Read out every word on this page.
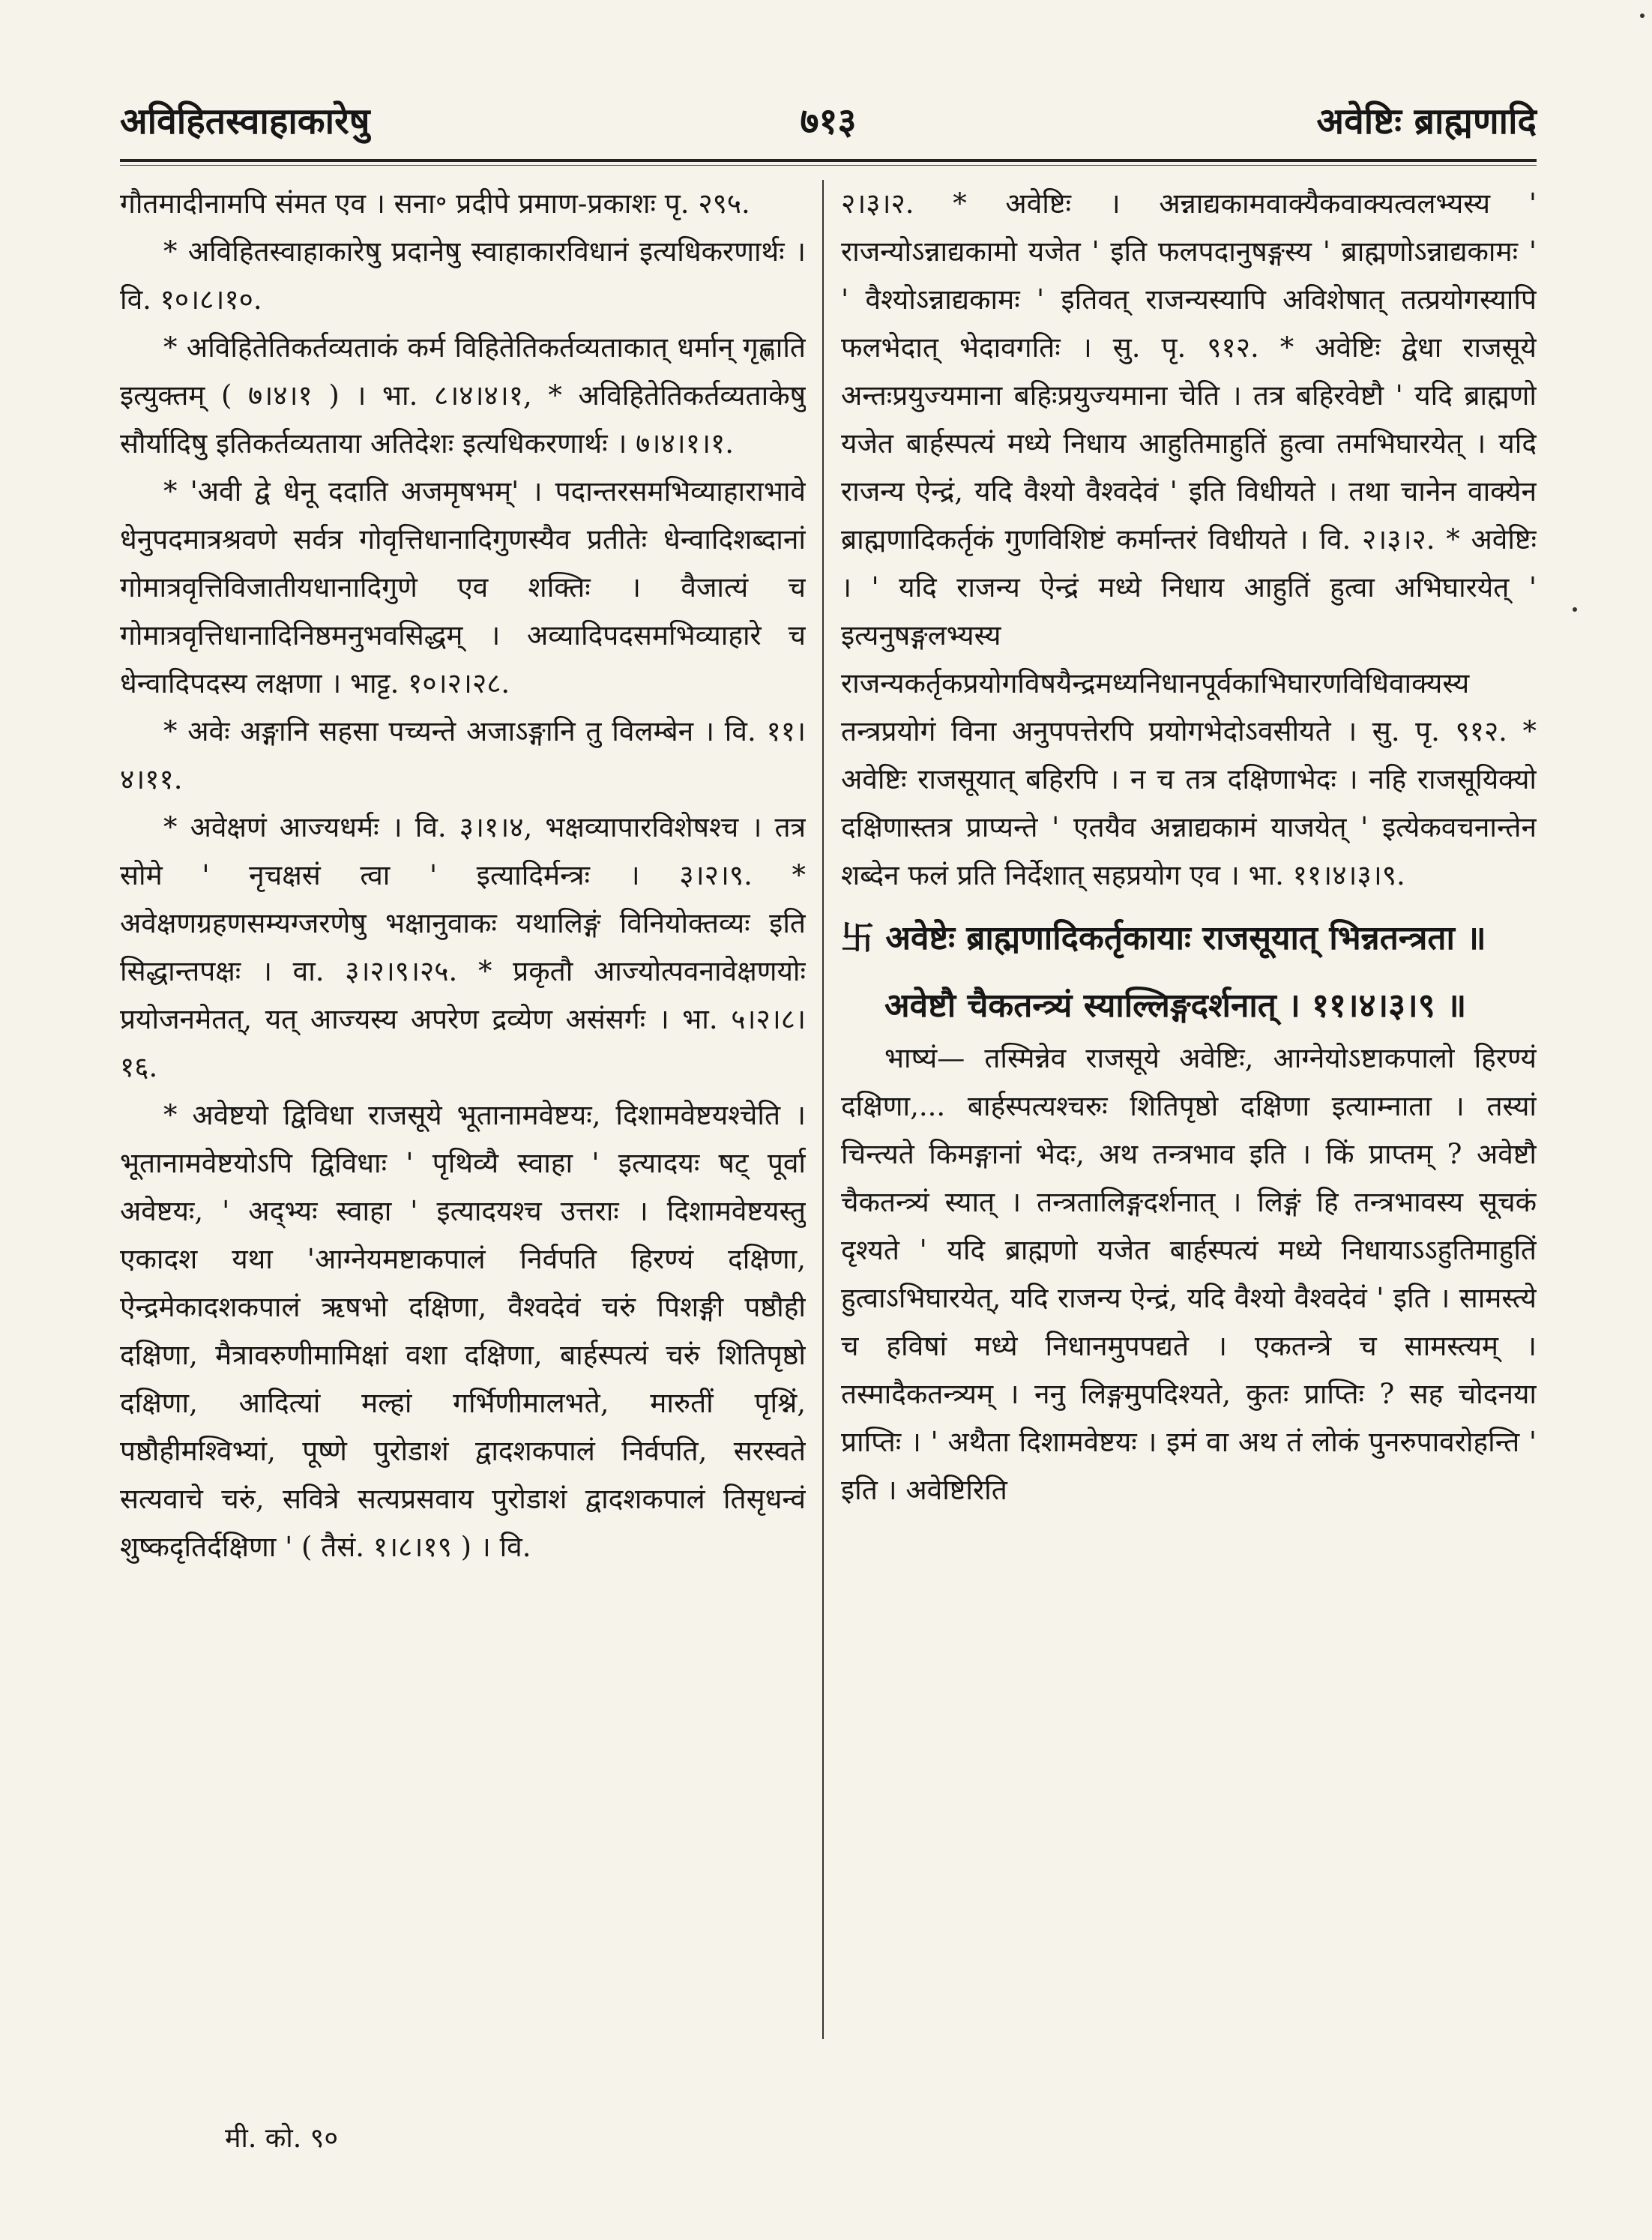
अविहितस्वाहाकारेषु	७१३	अवेष्टिः ब्राह्मणादि

गौतमादीनामपि संमत एव । सना॰ प्रदीपे प्रमाण-प्रकाशः पृ. २९५.

* अविहितस्वाहाकारेषु प्रदानेषु स्वाहाकारविधानं इत्यधिकरणार्थः । वि. १०।८।१०.

* अविहितेतिकर्तव्यताकं कर्म विहितेतिकर्तव्यताकात् धर्मान् गृह्णाति इत्युक्तम् ( ७।४।१ ) । भा. ८।४।४।१, * अविहितेतिकर्तव्यताकेषु सौर्यादिषु इतिकर्तव्यताया अतिदेशः इत्यधिकरणार्थः । ७।४।१।१.

* 'अवी द्वे धेनू ददाति अजमृषभम्' । पदान्तरसमभिव्याहाराभावे धेनुपदमात्रश्रवणे सर्वत्र गोवृत्तिधानादिगुणस्यैव प्रतीतेः धेन्वादिशब्दानां गोमात्रवृत्तिविजातीयधानादिगुणे एव शक्तिः । वैजात्यं च गोमात्रवृत्तिधानादिनिष्ठमनुभवसिद्धम् । अव्यादिपदसमभिव्याहारे च धेन्वादिपदस्य लक्षणा । भाट्ट. १०।२।२८.

* अवेः अङ्गानि सहसा पच्यन्ते अजाऽङ्गानि तु विलम्बेन । वि. ११।४।११.

* अवेक्षणं आज्यधर्मः । वि. ३।१।४, भक्षव्यापारविशेषश्च । तत्र सोमे ' नृचक्षसं त्वा ' इत्यादिर्मन्त्रः । ३।२।९. * अवेक्षणग्रहणसम्यग्जरणेषु भक्षानुवाकः यथालिङ्गं विनियोक्तव्यः इति सिद्धान्तपक्षः । वा. ३।२।९।२५. * प्रकृतौ आज्योत्पवनावेक्षणयोः प्रयोजनमेतत्, यत् आज्यस्य अपरेण द्रव्येण असंसर्गः । भा. ५।२।८।१६.

* अवेष्टयो द्विविधा राजसूये भूतानामवेष्टयः, दिशामवेष्टयश्चेति । भूतानामवेष्टयोऽपि द्विविधाः ' पृथिव्यै स्वाहा ' इत्यादयः षट् पूर्वा अवेष्टयः, ' अद्भ्यः स्वाहा ' इत्यादयश्च उत्तराः । दिशामवेष्टयस्तु एकादश यथा 'आग्नेयमष्टाकपालं निर्वपति हिरण्यं दक्षिणा, ऐन्द्रमेकादशकपालं ऋषभो दक्षिणा, वैश्वदेवं चरुं पिशङ्गी पष्ठौही दक्षिणा, मैत्रावरुणीमामिक्षां वशा दक्षिणा, बार्हस्पत्यं चरुं शितिपृष्ठो दक्षिणा, आदित्यां मल्हां गर्भिणीमालभते, मारुतीं पृश्निं, पष्ठौहीमश्विभ्यां, पूष्णे पुरोडाशं द्वादशकपालं निर्वपति, सरस्वते सत्यवाचे चरुं, सवित्रे सत्यप्रसवाय पुरोडाशं द्वादशकपालं तिसृधन्वं शुष्कदृतिर्दक्षिणा ' ( तैसं. १।८।१९ ) । वि.

२।३।२. * अवेष्टिः । अन्नाद्यकामवाक्यैकवाक्यत्वलभ्यस्य ' राजन्योऽन्नाद्यकामो यजेत ' इति फलपदानुषङ्गस्य ' ब्राह्मणोऽन्नाद्यकामः ' ' वैश्योऽन्नाद्यकामः ' इतिवत् राजन्यस्यापि अविशेषात् तत्प्रयोगस्यापि फलभेदात् भेदावगतिः । सु. पृ. ९१२. * अवेष्टिः द्वेधा राजसूये अन्तःप्रयुज्यमाना बहिःप्रयुज्यमाना चेति । तत्र बहिरवेष्टौ ' यदि ब्राह्मणो यजेत बार्हस्पत्यं मध्ये निधाय आहुतिमाहुतिं हुत्वा तमभिघारयेत् । यदि राजन्य ऐन्द्रं, यदि वैश्यो वैश्वदेवं ' इति विधीयते । तथा चानेन वाक्येन ब्राह्मणादिकर्तृकं गुणविशिष्टं कर्मान्तरं विधीयते । वि. २।३।२. * अवेष्टिः । ' यदि राजन्य ऐन्द्रं मध्ये निधाय आहुतिं हुत्वा अभिघारयेत् ' इत्यनुषङ्गलभ्यस्य राजन्यकर्तृकप्रयोगविषयैन्द्रमध्यनिधानपूर्वकाभिघारणविधिवाक्यस्य तन्त्रप्रयोगं विना अनुपपत्तेरपि प्रयोगभेदोऽवसीयते । सु. पृ. ९१२. * अवेष्टिः राजसूयात् बहिरपि । न च तत्र दक्षिणाभेदः । नहि राजसूयिक्यो दक्षिणास्तत्र प्राप्यन्ते ' एतयैव अन्नाद्यकामं याजयेत् ' इत्येकवचनान्तेन शब्देन फलं प्रति निर्देशात् सहप्रयोग एव । भा. ११।४।३।९.

卐 अवेष्टेः ब्राह्मणादिकर्तृकायाः राजसूयात् भिन्नतन्त्रता ॥
अवेष्टौ चैकतन्त्र्यं स्याल्लिङ्गदर्शनात् । ११।४।३।९ ॥

भाष्यं— तस्मिन्नेव राजसूये अवेष्टिः, आग्नेयोऽष्टाकपालो हिरण्यं दक्षिणा,... बार्हस्पत्यश्चरुः शितिपृष्ठो दक्षिणा इत्याम्नाता । तस्यां चिन्त्यते किमङ्गानां भेदः, अथ तन्त्रभाव इति । किं प्राप्तम् ? अवेष्टौ चैकतन्त्र्यं स्यात् । तन्त्रतालिङ्गदर्शनात् । लिङ्गं हि तन्त्रभावस्य सूचकं दृश्यते ' यदि ब्राह्मणो यजेत बार्हस्पत्यं मध्ये निधायाऽऽहुतिमाहुतिं हुत्वाऽभिघारयेत्, यदि राजन्य ऐन्द्रं, यदि वैश्यो वैश्वदेवं ' इति । सामस्त्ये च हविषां मध्ये निधानमुपपद्यते । एकतन्त्रे च सामस्त्यम् । तस्मादैकतन्त्र्यम् । ननु लिङ्गमुपदिश्यते, कुतः प्राप्तिः ? सह चोदनया प्राप्तिः । ' अथैता दिशामवेष्टयः । इमं वा अथ तं लोकं पुनरुपावरोहन्ति ' इति । अवेष्टिरिति

मी. को. ९०
